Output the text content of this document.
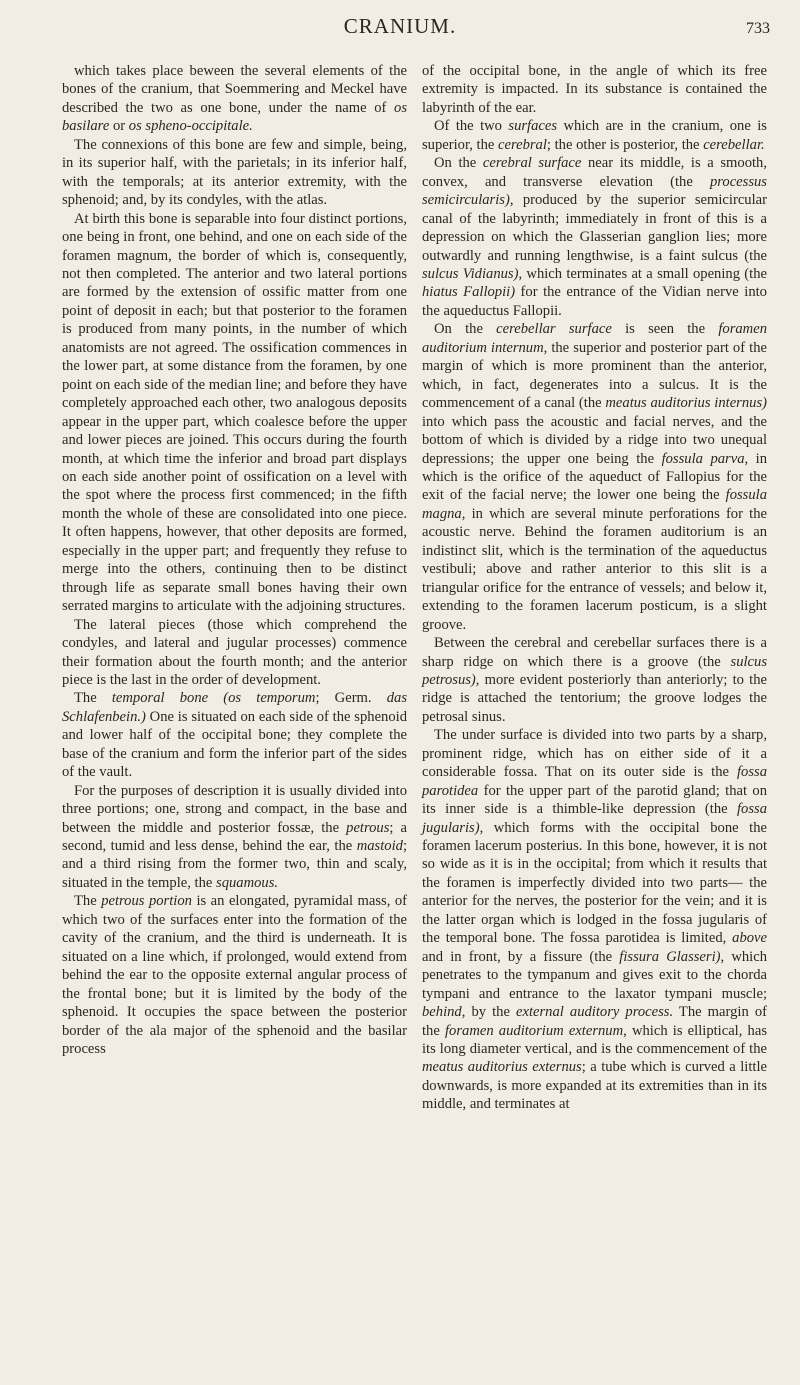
CRANIUM.	733

which takes place beween the several elements of the bones of the cranium, that Soemmering and Meckel have described the two as one bone, under the name of os basilare or os spheno-occipitale.

The connexions of this bone are few and simple, being, in its superior half, with the parietals; in its inferior half, with the temporals; at its anterior extremity, with the sphenoid; and, by its condyles, with the atlas.

At birth this bone is separable into four distinct portions, one being in front, one behind, and one on each side of the foramen magnum, the border of which is, consequently, not then completed. The anterior and two lateral portions are formed by the extension of ossific matter from one point of deposit in each; but that posterior to the foramen is produced from many points, in the number of which anatomists are not agreed. The ossification commences in the lower part, at some distance from the foramen, by one point on each side of the median line; and before they have completely approached each other, two analogous deposits appear in the upper part, which coalesce before the upper and lower pieces are joined. This occurs during the fourth month, at which time the inferior and broad part displays on each side another point of ossification on a level with the spot where the process first commenced; in the fifth month the whole of these are consolidated into one piece. It often happens, however, that other deposits are formed, especially in the upper part; and frequently they refuse to merge into the others, continuing then to be distinct through life as separate small bones having their own serrated margins to articulate with the adjoining structures.

The lateral pieces (those which comprehend the condyles, and lateral and jugular processes) commence their formation about the fourth month; and the anterior piece is the last in the order of development.

The temporal bone (os temporum; Germ. das Schlafenbein.) One is situated on each side of the sphenoid and lower half of the occipital bone; they complete the base of the cranium and form the inferior part of the sides of the vault.

For the purposes of description it is usually divided into three portions; one, strong and compact, in the base and between the middle and posterior fossæ, the petrous; a second, tumid and less dense, behind the ear, the mastoid; and a third rising from the former two, thin and scaly, situated in the temple, the squamous.

The petrous portion is an elongated, pyramidal mass, of which two of the surfaces enter into the formation of the cavity of the cranium, and the third is underneath. It is situated on a line which, if prolonged, would extend from behind the ear to the opposite external angular process of the frontal bone; but it is limited by the body of the sphenoid. It occupies the space between the posterior border of the ala major of the sphenoid and the basilar process

of the occipital bone, in the angle of which its free extremity is impacted. In its substance is contained the labyrinth of the ear.

Of the two surfaces which are in the cranium, one is superior, the cerebral; the other is posterior, the cerebellar.

On the cerebral surface near its middle, is a smooth, convex, and transverse elevation (the processus semicircularis), produced by the superior semicircular canal of the labyrinth; immediately in front of this is a depression on which the Glasserian ganglion lies; more outwardly and running lengthwise, is a faint sulcus (the sulcus Vidianus), which terminates at a small opening (the hiatus Fallopii) for the entrance of the Vidian nerve into the aqueductus Fallopii.

On the cerebellar surface is seen the foramen auditorium internum, the superior and posterior part of the margin of which is more prominent than the anterior, which, in fact, degenerates into a sulcus. It is the commencement of a canal (the meatus auditorius internus) into which pass the acoustic and facial nerves, and the bottom of which is divided by a ridge into two unequal depressions; the upper one being the fossula parva, in which is the orifice of the aqueduct of Fallopius for the exit of the facial nerve; the lower one being the fossula magna, in which are several minute perforations for the acoustic nerve. Behind the foramen auditorium is an indistinct slit, which is the termination of the aqueductus vestibuli; above and rather anterior to this slit is a triangular orifice for the entrance of vessels; and below it, extending to the foramen lacerum posticum, is a slight groove.

Between the cerebral and cerebellar surfaces there is a sharp ridge on which there is a groove (the sulcus petrosus), more evident posteriorly than anteriorly; to the ridge is attached the tentorium; the groove lodges the petrosal sinus.

The under surface is divided into two parts by a sharp, prominent ridge, which has on either side of it a considerable fossa. That on its outer side is the fossa parotidea for the upper part of the parotid gland; that on its inner side is a thimble-like depression (the fossa jugularis), which forms with the occipital bone the foramen lacerum posterius. In this bone, however, it is not so wide as it is in the occipital; from which it results that the foramen is imperfectly divided into two parts— the anterior for the nerves, the posterior for the vein; and it is the latter organ which is lodged in the fossa jugularis of the temporal bone. The fossa parotidea is limited, above and in front, by a fissure (the fissura Glasseri), which penetrates to the tympanum and gives exit to the chorda tympani and entrance to the laxator tympani muscle; behind, by the external auditory process. The margin of the foramen auditorium externum, which is elliptical, has its long diameter vertical, and is the commencement of the meatus auditorius externus; a tube which is curved a little downwards, is more expanded at its extremities than in its middle, and terminates at
